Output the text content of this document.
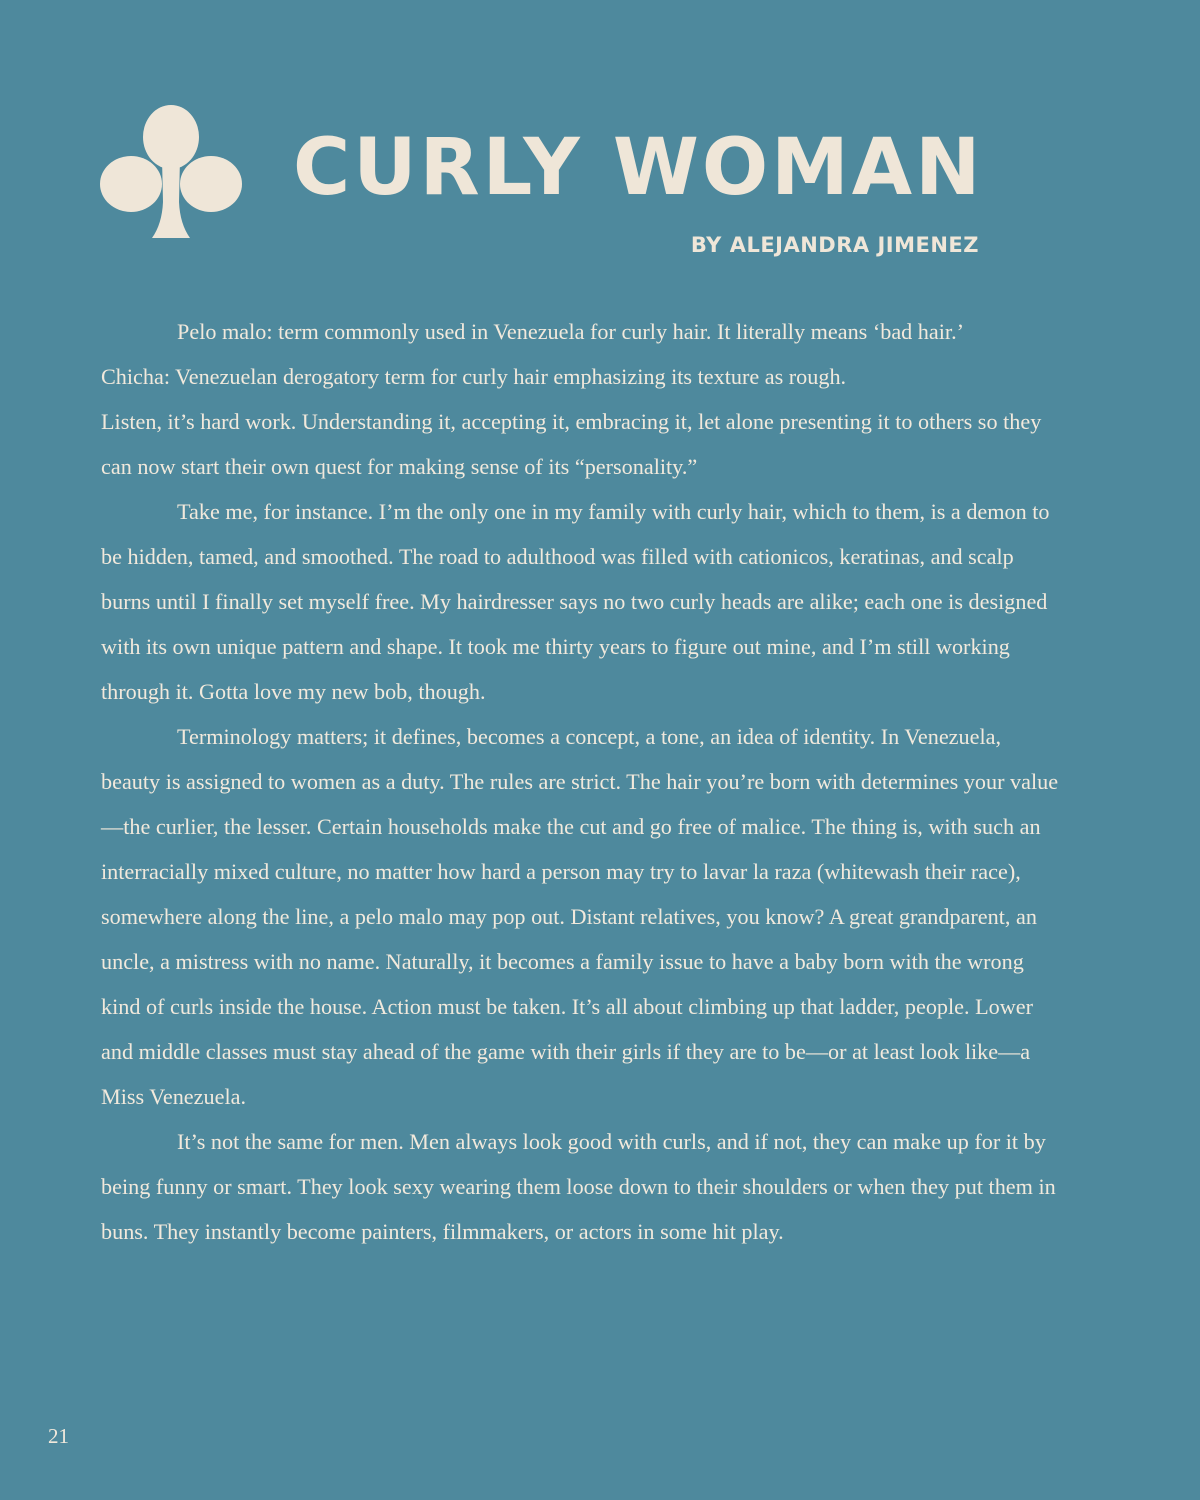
CURLY WOMAN

BY ALEJANDRA JIMENEZ

Pelo malo: term commonly used in Venezuela for curly hair. It literally means ‘bad hair.’

Chicha: Venezuelan derogatory term for curly hair emphasizing its texture as rough.

Listen, it’s hard work. Understanding it, accepting it, embracing it, let alone presenting it to others so they can now start their own quest for making sense of its “personality.”

Take me, for instance. I’m the only one in my family with curly hair, which to them, is a demon to be hidden, tamed, and smoothed. The road to adulthood was filled with cationicos, keratinas, and scalp burns until I finally set myself free. My hairdresser says no two curly heads are alike; each one is designed with its own unique pattern and shape. It took me thirty years to figure out mine, and I’m still working through it. Gotta love my new bob, though.

Terminology matters; it defines, becomes a concept, a tone, an idea of identity. In Venezuela, beauty is assigned to women as a duty. The rules are strict. The hair you’re born with determines your value—the curlier, the lesser. Certain households make the cut and go free of malice. The thing is, with such an interracially mixed culture, no matter how hard a person may try to lavar la raza (whitewash their race), somewhere along the line, a pelo malo may pop out. Distant relatives, you know? A great grandparent, an uncle, a mistress with no name. Naturally, it becomes a family issue to have a baby born with the wrong kind of curls inside the house. Action must be taken. It’s all about climbing up that ladder, people. Lower and middle classes must stay ahead of the game with their girls if they are to be—or at least look like—a Miss Venezuela.

It’s not the same for men. Men always look good with curls, and if not, they can make up for it by being funny or smart. They look sexy wearing them loose down to their shoulders or when they put them in buns. They instantly become painters, filmmakers, or actors in some hit play.

21
